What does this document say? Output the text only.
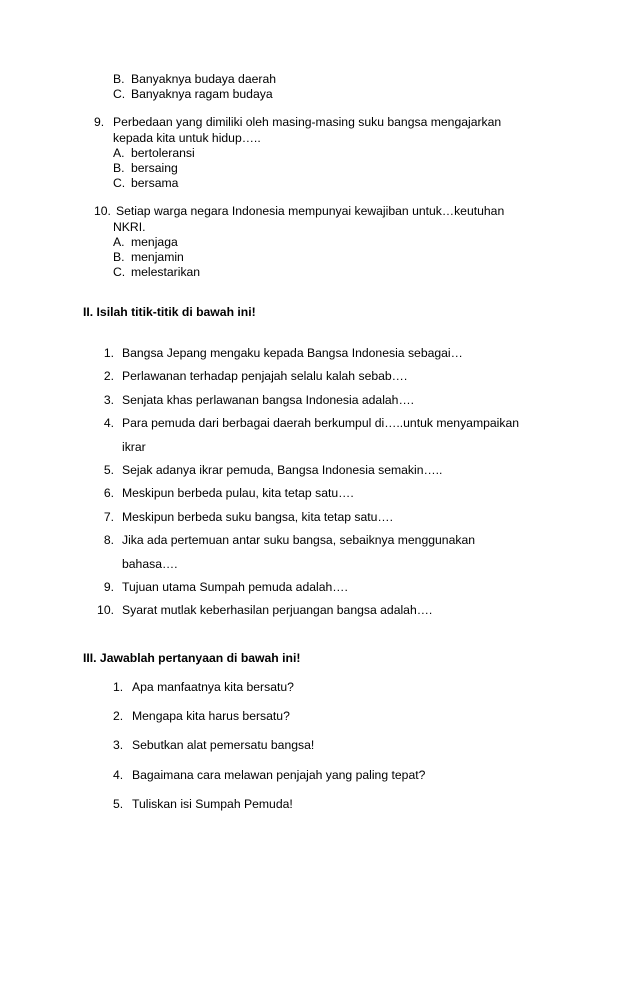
B. Banyaknya budaya daerah
C. Banyaknya ragam budaya
9. Perbedaan yang dimiliki oleh masing-masing suku bangsa mengajarkan
kepada kita untuk hidup…..
A. bertoleransi
B. bersaing
C. bersama
10. Setiap warga negara Indonesia mempunyai kewajiban untuk…keutuhan
NKRI.
A. menjaga
B. menjamin
C. melestarikan
II. Isilah titik-titik di bawah ini!
1. Bangsa Jepang mengaku kepada Bangsa Indonesia sebagai…
2. Perlawanan terhadap penjajah selalu kalah sebab….
3. Senjata khas perlawanan bangsa Indonesia adalah….
4. Para pemuda dari berbagai daerah berkumpul di…..untuk menyampaikan
ikrar
5. Sejak adanya ikrar pemuda, Bangsa Indonesia semakin…..
6. Meskipun berbeda pulau, kita tetap satu….
7. Meskipun berbeda suku bangsa, kita tetap satu….
8. Jika ada pertemuan antar suku bangsa, sebaiknya menggunakan
bahasa….
9. Tujuan utama Sumpah pemuda adalah….
10. Syarat mutlak keberhasilan perjuangan bangsa adalah….
III. Jawablah pertanyaan di bawah ini!
1. Apa manfaatnya kita bersatu?
2. Mengapa kita harus bersatu?
3. Sebutkan alat pemersatu bangsa!
4. Bagaimana cara melawan penjajah yang paling tepat?
5. Tuliskan isi Sumpah Pemuda!
